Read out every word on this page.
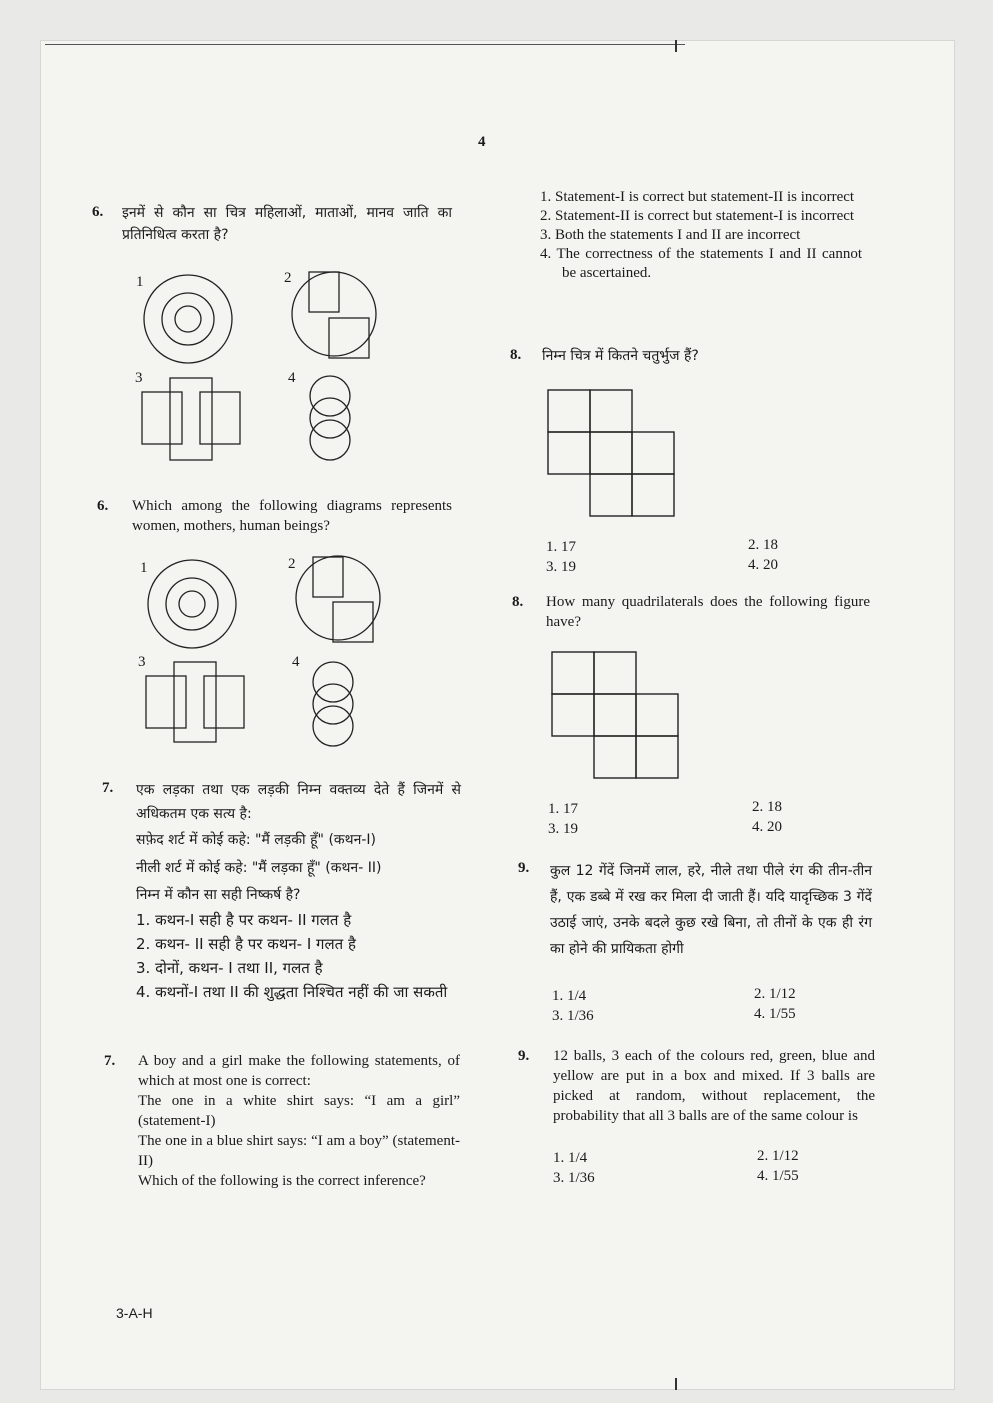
4
6. इनमें से कौन सा चित्र महिलाओं, माताओं, मानव जाति का प्रतिनिधित्व करता है?
1	2
3	4
6. Which among the following diagrams represents women, mothers, human beings?
1	2
3	4
7. एक लड़का तथा एक लड़की निम्न वक्तव्य देते हैं जिनमें से अधिकतम एक सत्य है:
सफ़ेद शर्ट में कोई कहे: "मैं लड़की हूँ" (कथन-I)
नीली शर्ट में कोई कहे: "मैं लड़का हूँ" (कथन- II)
निम्न में कौन सा सही निष्कर्ष है?
1. कथन-I सही है पर कथन- II गलत है
2. कथन- II सही है पर कथन- I गलत है
3. दोनों, कथन- I तथा II, गलत है
4. कथनों-I तथा II की शुद्धता निश्चित नहीं की जा सकती
7. A boy and a girl make the following statements, of which at most one is correct:
The one in a white shirt says: “I am a girl” (statement-I)
The one in a blue shirt says: “I am a boy” (statement-II)
Which of the following is the correct inference?
1. Statement-I is correct but statement-II is incorrect
2. Statement-II is correct but statement-I is incorrect
3. Both the statements I and II are incorrect
4. The correctness of the statements I and II cannot be ascertained.
8. निम्न चित्र में कितने चतुर्भुज हैं?
1. 17	2. 18
3. 19	4. 20
8. How many quadrilaterals does the following figure have?
1. 17	2. 18
3. 19	4. 20
9. कुल 12 गेंदें जिनमें लाल, हरे, नीले तथा पीले रंग की तीन-तीन हैं, एक डब्बे में रख कर मिला दी जाती हैं। यदि यादृच्छिक 3 गेंदें उठाई जाएं, उनके बदले कुछ रखे बिना, तो तीनों के एक ही रंग का होने की प्रायिकता होगी
1. 1/4	2. 1/12
3. 1/36	4. 1/55
9. 12 balls, 3 each of the colours red, green, blue and yellow are put in a box and mixed. If 3 balls are picked at random, without replacement, the probability that all 3 balls are of the same colour is
1. 1/4	2. 1/12
3. 1/36	4. 1/55
3-A-H
